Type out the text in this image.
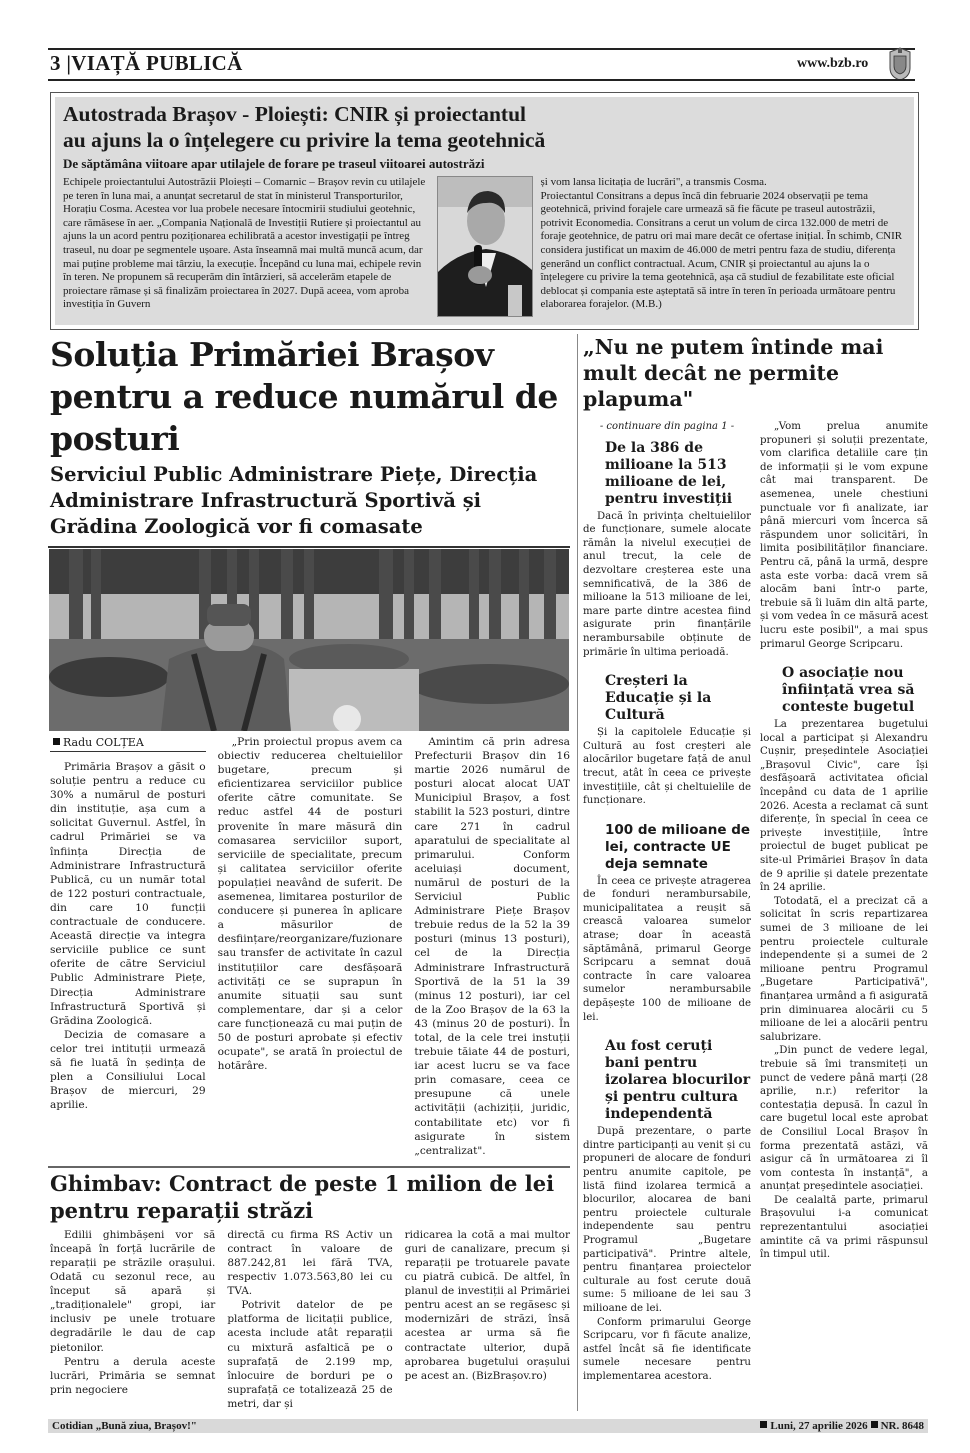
3 |VIAȚĂ PUBLICĂ	www.bzb.ro
Autostrada Brașov - Ploiești: CNIR și proiectantul
au ajuns la o înțelegere cu privire la tema geotehnică
De săptămâna viitoare apar utilajele de forare pe traseul viitoarei autostrăzi
Echipele proiectantului Autostrăzii Ploiești – Comarnic – Brașov revin cu utilajele pe teren în luna mai, a anunțat secretarul de stat în ministerul Transporturilor, Horațiu Cosma. Acestea vor lua probele necesare întocmirii studiului geotehnic, care rămăsese în aer. „Compania Națională de Investiții Rutiere și proiectantul au ajuns la un acord pentru poziționarea echilibrată a acestor investigații pe întreg traseul, nu doar pe segmentele ușoare. Asta înseamnă mai multă muncă acum, dar mai puține probleme mai târziu, la execuție. Începând cu luna mai, echipele revin în teren. Ne propunem să recuperăm din întârzieri, să accelerăm etapele de proiectare rămase și să finalizăm proiectarea în 2027. După aceea, vom aproba investiția în Guvern
și vom lansa licitația de lucrări", a transmis Cosma.
Proiectantul Consitrans a depus încă din februarie 2024 observații pe tema geotehnică, privind forajele care urmează să fie făcute pe traseul autostrăzii, potrivit Economedia. Consitrans a cerut un volum de circa 132.000 de metri de foraje geotehnice, de patru ori mai mare decât ce ofertase inițial. În schimb, CNIR considera justificat un maxim de 46.000 de metri pentru faza de studiu, diferența generând un conflict contractual. Acum, CNIR și proiectantul au ajuns la o înțelegere cu privire la tema geotehnică, așa că studiul de fezabilitate este oficial deblocat și compania este așteptată să intre în teren în perioada următoare pentru elaborarea forajelor. (M.B.)
Soluția Primăriei Brașov pentru a reduce numărul de posturi
Serviciul Public Administrare Piețe, Direcția Administrare Infrastructură Sportivă și Grădina Zoologică vor fi comasate
Radu COLȚEA

Primăria Brașov a găsit o soluție pentru a reduce cu 30% a numărul de posturi din instituție, așa cum a solicitat Guvernul. Astfel, în cadrul Primăriei se va înființa Direcția de Administrare Infrastructură Publică, cu un număr total de 122 posturi contractuale, din care 10 funcții contractuale de conducere. Această direcție va integra serviciile publice ce sunt oferite de către Serviciul Public Administrare Piețe, Direcția Administrare Infrastructură Sportivă și Grădina Zoologică.

Decizia de comasare a celor trei intituții urmează să fie luată în ședința de plen a Consiliului Local Brașov de miercuri, 29 aprilie.

„Prin proiectul propus avem ca obiectiv reducerea cheltuielilor bugetare, precum și eficientizarea serviciilor publice oferite către comunitate. Se reduc astfel 44 de posturi provenite în mare măsură din comasarea serviciilor suport, serviciile de specialitate, precum și calitatea serviciilor oferite populației neavând de suferit. De asemenea, limitarea posturilor de conducere și punerea în aplicare a măsurilor de desființare/reorganizare/fuzionare sau transfer de activitate în cazul instituțiilor care desfășoară activități ce se suprapun în anumite situații sau sunt complementare, dar și a celor care funcționează cu mai puțin de 50 de posturi aprobate și efectiv ocupate", se arată în proiectul de hotărâre.

Amintim că prin adresa Prefecturii Brașov din 16 martie 2026 numărul de posturi alocat alocat UAT Municipiul Brașov, a fost stabilit la 523 posturi, dintre care 271 în cadrul aparatului de specialitate al primarului. Conform aceluiași document, numărul de posturi de la Serviciul Public Administrare Piețe Brașov trebuie redus de la 52 la 39 posturi (minus 13 posturi), cel de la Direcția Administrare Infrastructură Sportivă de la 51 la 39 (minus 12 posturi), iar cel de la Zoo Brașov de la 63 la 43 (minus 20 de posturi). În total, de la cele trei instuții trebuie tăiate 44 de posturi, iar acest lucru se va face prin comasare, ceea ce presupune că unele activitățiі (achiziții, juridic, contabilitate etc) vor fi asigurate în sistem „centralizat".

Ghimbav: Contract de peste 1 milion de lei pentru reparații străzi

Edilii ghimbășeni vor să înceapă în forță lucrările de reparații pe străzile orașului. Odată cu sezonul rece, au început să apară și „tradiționalele" gropi, iar inclusiv pe unele trotuare degradările le dau de cap pietonilor.

Pentru a derula aceste lucrări, Primăria se semnat prin negociere

directă cu firma RS Activ un contract în valoare de 887.242,81 lei fără TVA, respectiv 1.073.563,80 lei cu TVA.

Potrivit datelor de pe platforma de licitații publice, acesta include atât reparații cu mixtură asfaltică pe o suprafață de 2.199 mp, înlocuire de borduri pe o suprafață ce totalizează 25 de metri, dar și

ridicarea la cotă a mai multor guri de canalizare, precum și reparații pe trotuarele pavate cu piatră cubică. De altfel, în planul de investiții al Primăriei pentru acest an se regăsesc și modernizări de străzi, însă acestea ar urma să fie contractate ulterior, după aprobarea bugetului orașului pe acest an. (BizBrașov.ro)

„Nu ne putem întinde mai mult decât ne permite plapuma"
- continuare din pagina 1 -
De la 386 de milioane la 513 milioane de lei, pentru investiții

Dacă în privința cheltuielilor de funcționare, sumele alocate rămân la nivelul execuției de anul trecut, la cele de dezvoltare creșterea este una semnificativă, de la 386 de milioane la 513 milioane de lei, mare parte dintre acestea fiind asigurate prin finanțările nerambursabile obținute de primărie în ultima perioadă.

Creșteri la Educație și la Cultură

Și la capitolele Educație și Cultură au fost creșteri ale alocărilor bugetare față de anul trecut, atât în ceea ce privește investițiile, cât și cheltuielile de funcționare.

100 de milioane de lei, contracte UE deja semnate

În ceea ce privește atragerea de fonduri nerambursabile, municipalitatea a reușit să crească valoarea sumelor atrase; doar în această săptămână, primarul George Scripcaru a semnat două contracte în care valoarea sumelor nerambursabile depășește 100 de milioane de lei.

Au fost ceruți bani pentru izolarea blocurilor și pentru cultura independentă

După prezentare, o parte dintre participanți au venit și cu propuneri de alocare de fonduri pentru anumite capitole, pe listă fiind izolarea termică a blocurilor, alocarea de bani pentru proiectele culturale independente sau pentru Programul „Bugetare participativă". Printre altele, pentru finanțarea proiectelor culturale au fost cerute două sume: 5 milioane de lei sau 3 milioane de lei.

Conform primarului George Scripcaru, vor fi făcute analize, astfel încât să fie identificate sumele necesare pentru implementarea acestora.

„Vom prelua anumite propuneri și soluții prezentate, vom clarifica detaliile care țin de informații și le vom expune cât mai transparent. De asemenea, unele chestiuni punctuale vor fi analizate, iar până miercuri vom încerca să răspundem unor solicitări, în limita posibilităților financiare. Pentru că, până la urmă, despre asta este vorba: dacă vrem să alocăm bani într-o parte, trebuie să îi luăm din altă parte, și vom vedea în ce măsură acest lucru este posibil", a mai spus primarul George Scripcaru.

O asociație nou înființată vrea să conteste bugetul

La prezentarea bugetului local a participat și Alexandru Cușnir, președintele Asociației „Brașovul Civic", care își desfășoară activitatea oficial începând cu data de 1 aprilie 2026. Acesta a reclamat că sunt diferențe, în special în ceea ce privește investițiile, între proiectul de buget publicat pe site-ul Primăriei Brașov în data de 9 aprilie și datele prezentate în 24 aprilie.

Totodată, el a precizat că a solicitat în scris repartizarea sumei de 3 milioane de lei pentru proiectele culturale independente și a sumei de 2 milioane pentru Programul „Bugetare Participativă", finanțarea urmând a fi asigurată prin diminuarea alocării cu 5 milioane de lei a alocării pentru salubrizare.

„Din punct de vedere legal, trebuie să îmi transmiteți un punct de vedere până marți (28 aprilie, n.r.) referitor la contestația depusă. În cazul în care bugetul local este aprobat de Consiliul Local Brașov în forma prezentată astăzi, vă asigur că în următoarea zi îl vom contesta în instanță", a anunțat președintele asociației.

De cealaltă parte, primarul Brașovului i-a comunicat reprezentantului asociației amintite că va primi răspunsul în timpul util.

Cotidian „Bună ziua, Brașov!"	Luni, 27 aprilie 2026 NR. 8648
